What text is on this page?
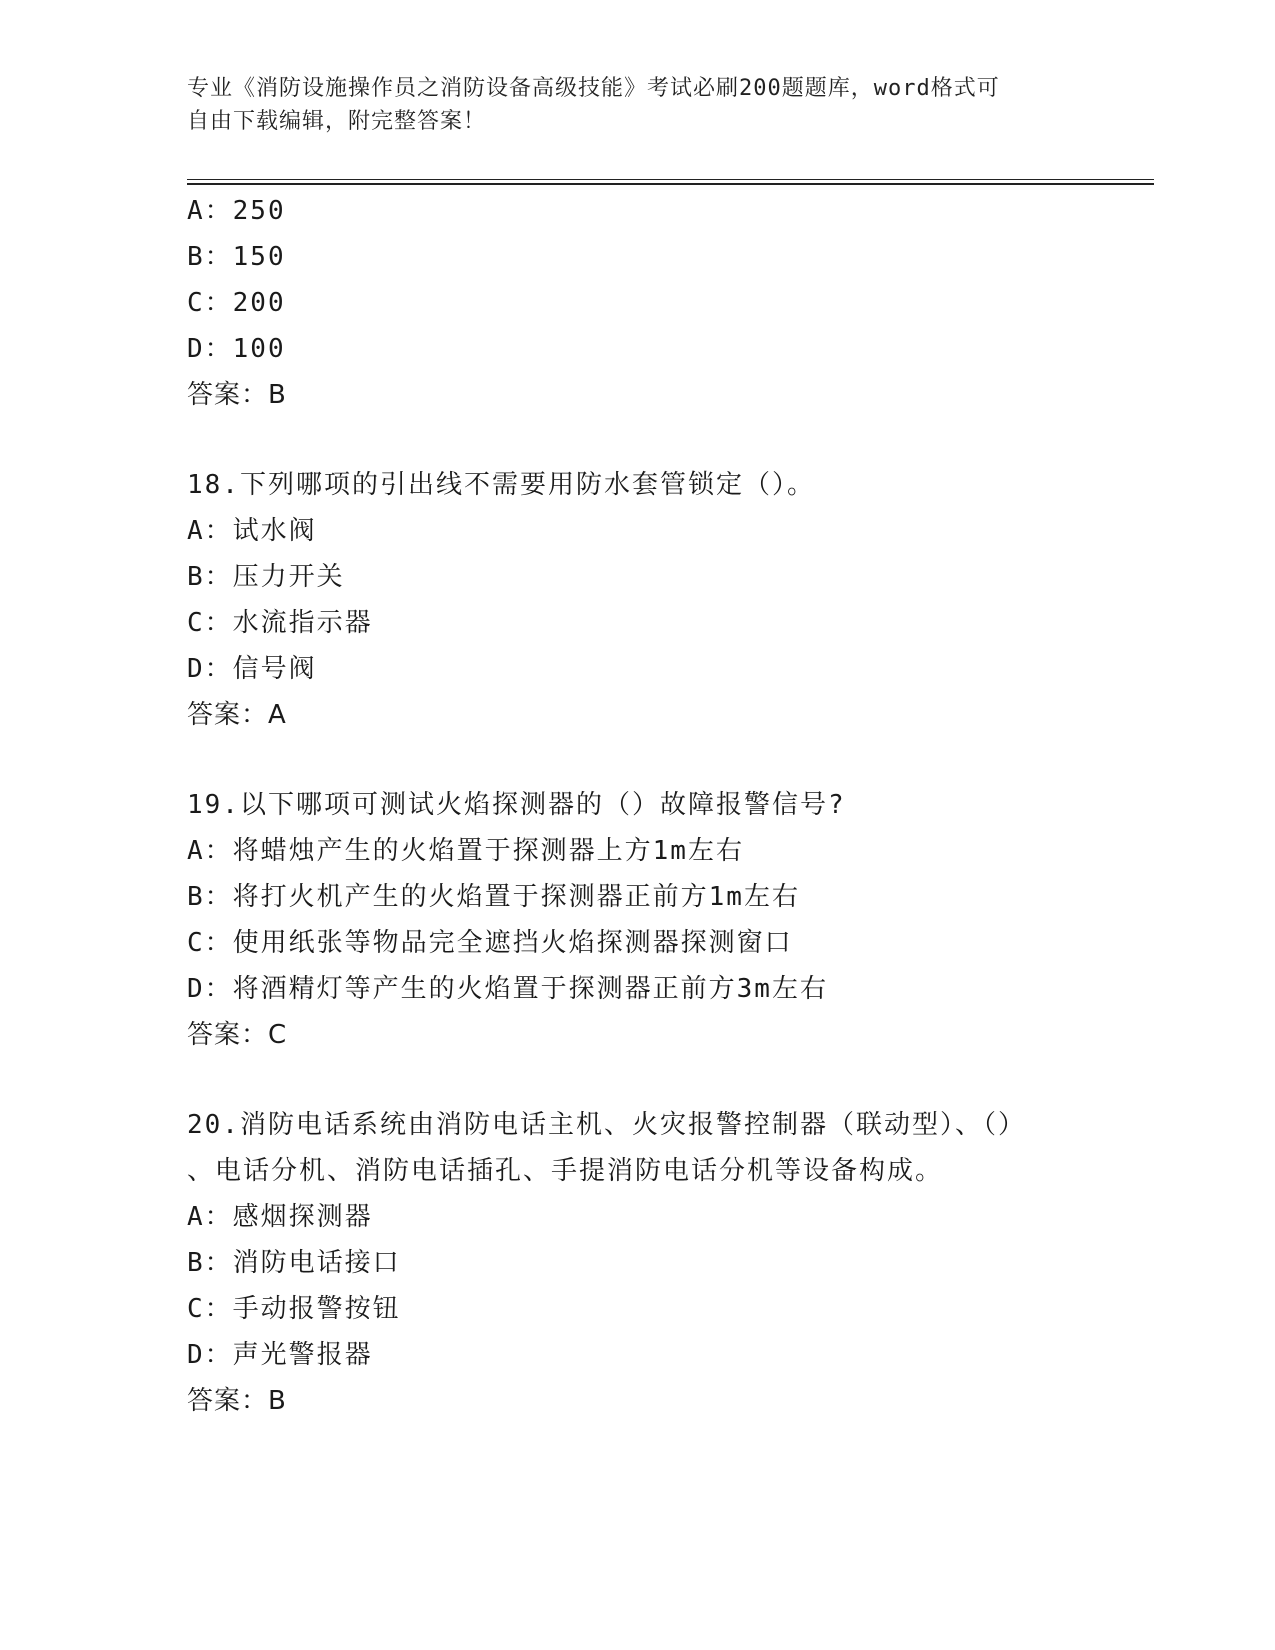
专业《消防设施操作员之消防设备高级技能》考试必刷200题题库，word格式可
自由下载编辑，附完整答案！
A：250
B：150
C：200
D：100
答案：B
18.下列哪项的引出线不需要用防水套管锁定（）。
A：试水阀
B：压力开关
C：水流指示器
D：信号阀
答案：A
19.以下哪项可测试火焰探测器的（）故障报警信号?
A：将蜡烛产生的火焰置于探测器上方1m左右
B：将打火机产生的火焰置于探测器正前方1m左右
C：使用纸张等物品完全遮挡火焰探测器探测窗口
D：将酒精灯等产生的火焰置于探测器正前方3m左右
答案：C
20.消防电话系统由消防电话主机、火灾报警控制器（联动型）、（）
、电话分机、消防电话插孔、手提消防电话分机等设备构成。
A：感烟探测器
B：消防电话接口
C：手动报警按钮
D：声光警报器
答案：B
